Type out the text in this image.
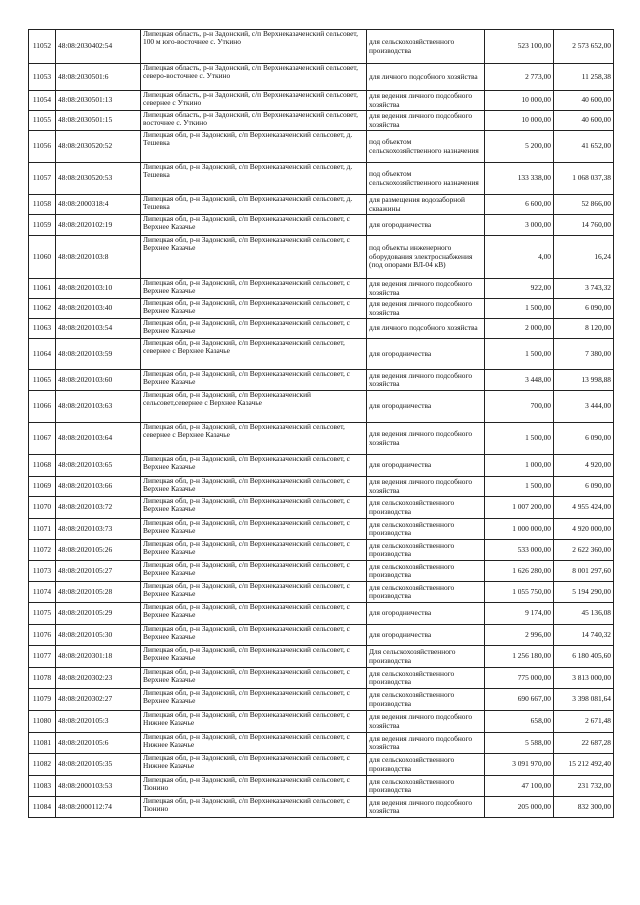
11052	48:08:2030402:54	Липецкая область, р-н Задонский, с/п Верхнеказаченский сельсовет, 100 м юго-восточнее с. Уткино	для сельскохозяйственного производства	523 100,00	2 573 652,00
11053	48:08:2030501:6	Липецкая область, р-н Задонский, с/п Верхнеказаченский сельсовет, северо-восточнее с. Уткино	для личного подсобного хозяйства	2 773,00	11 258,38
11054	48:08:2030501:13	Липецкая область, р-н Задонский, с/п Верхнеказаченский сельсовет, севернее с Уткино	для ведения личного подсобного хозяйства	10 000,00	40 600,00
11055	48:08:2030501:15	Липецкая область, р-н Задонский, с/п Верхнеказаченский сельсовет, восточнее с. Уткино	для ведения личного подсобного хозяйства	10 000,00	40 600,00
11056	48:08:2030520:52	Липецкая обл, р-н Задонский, с/п Верхнеказаченский сельсовет, д. Тешевка	под объектом сельскохозяйственного назначения	5 200,00	41 652,00
11057	48:08:2030520:53	Липецкая обл, р-н Задонский, с/п Верхнеказаченский сельсовет, д. Тешевка	под объектом сельскохозяйственного назначения	133 338,00	1 068 037,38
11058	48:08:2000318:4	Липецкая обл, р-н Задонский, с/п Верхнеказаченский сельсовет, д. Тешевка	для размещения водозаборной скважины	6 600,00	52 866,00
11059	48:08:2020102:19	Липецкая обл, р-н Задонский, с/п Верхнеказаченский сельсовет, с Верхнее Казачье	для огородничества	3 000,00	14 760,00
11060	48:08:2020103:8	Липецкая обл, р-н Задонский, с/п Верхнеказаченский сельсовет, с Верхнее Казачье	под объекты инженерного оборудования электроснабжения (под опорами ВЛ-04 кВ)	4,00	16,24
11061	48:08:2020103:10	Липецкая обл, р-н Задонский, с/п Верхнеказаченский сельсовет, с Верхнее Казачье	для ведения личного подсобного хозяйства	922,00	3 743,32
11062	48:08:2020103:40	Липецкая обл, р-н Задонский, с/п Верхнеказаченский сельсовет, с Верхнее Казачье	для ведения личного подсобного хозяйства	1 500,00	6 090,00
11063	48:08:2020103:54	Липецкая обл, р-н Задонский, с/п Верхнеказаченский сельсовет, с Верхнее Казачье	для личного подсобного хозяйства	2 000,00	8 120,00
11064	48:08:2020103:59	Липецкая обл, р-н Задонский, с/п Верхнеказаченский сельсовет, севернее с Верхнее Казачье	для огородничества	1 500,00	7 380,00
11065	48:08:2020103:60	Липецкая обл, р-н Задонский, с/п Верхнеказаченский сельсовет, с Верхнее Казачье	для ведения личного подсобного хозяйства	3 448,00	13 998,88
11066	48:08:2020103:63	Липецкая обл, р-н Задонский, с/п Верхнеказаченский сельсовет,севернее с Верхнее Казачье	для огородничества	700,00	3 444,00
11067	48:08:2020103:64	Липецкая обл, р-н Задонский, с/п Верхнеказаченский сельсовет, севернее с Верхнее Казачье	для ведения личного подсобного хозяйства	1 500,00	6 090,00
11068	48:08:2020103:65	Липецкая обл, р-н Задонский, с/п Верхнеказаченский сельсовет, с Верхнее Казачье	для огородничества	1 000,00	4 920,00
11069	48:08:2020103:66	Липецкая обл, р-н Задонский, с/п Верхнеказаченский сельсовет, с Верхнее Казачье	для ведения личного подсобного хозяйства	1 500,00	6 090,00
11070	48:08:2020103:72	Липецкая обл, р-н Задонский, с/п Верхнеказаченский сельсовет, с Верхнее Казачье	для сельскохозяйственного производства	1 007 200,00	4 955 424,00
11071	48:08:2020103:73	Липецкая обл, р-н Задонский, с/п Верхнеказаченский сельсовет, с Верхнее Казачье	для сельскохозяйственного производства	1 000 000,00	4 920 000,00
11072	48:08:2020105:26	Липецкая обл, р-н Задонский, с/п Верхнеказаченский сельсовет, с Верхнее Казачье	для сельскохозяйственного производства	533 000,00	2 622 360,00
11073	48:08:2020105:27	Липецкая обл, р-н Задонский, с/п Верхнеказаченский сельсовет, с Верхнее Казачье	для сельскохозяйственного производства	1 626 280,00	8 001 297,60
11074	48:08:2020105:28	Липецкая обл, р-н Задонский, с/п Верхнеказаченский сельсовет, с Верхнее Казачье	для сельскохозяйственного производства	1 055 750,00	5 194 290,00
11075	48:08:2020105:29	Липецкая обл, р-н Задонский, с/п Верхнеказаченский сельсовет, с Верхнее Казачье	для огородничества	9 174,00	45 136,08
11076	48:08:2020105:30	Липецкая обл, р-н Задонский, с/п Верхнеказаченский сельсовет, с Верхнее Казачье	для огородничества	2 996,00	14 740,32
11077	48:08:2020301:18	Липецкая обл, р-н Задонский, с/п Верхнеказаченский сельсовет, с Верхнее Казачье	Для сельскохозяйственного производства	1 256 180,00	6 180 405,60
11078	48:08:2020302:23	Липецкая обл, р-н Задонский, с/п Верхнеказаченский сельсовет, с Верхнее Казачье	для сельскохозяйственного производства	775 000,00	3 813 000,00
11079	48:08:2020302:27	Липецкая обл, р-н Задонский, с/п Верхнеказаченский сельсовет, с Верхнее Казачье	для сельскохозяйственного производства	690 667,00	3 398 081,64
11080	48:08:2020105:3	Липецкая обл, р-н Задонский, с/п Верхнеказаченский сельсовет, с Нижнее Казачье	для ведения личного подсобного хозяйства	658,00	2 671,48
11081	48:08:2020105:6	Липецкая обл, р-н Задонский, с/п Верхнеказаченский сельсовет, с Нижнее Казачье	для ведения личного подсобного хозяйства	5 588,00	22 687,28
11082	48:08:2020105:35	Липецкая обл, р-н Задонский, с/п Верхнеказаченский сельсовет, с Нижнее Казачье	для сельскохозяйственного производства	3 091 970,00	15 212 492,40
11083	48:08:2000103:53	Липецкая обл, р-н Задонский, с/п Верхнеказаченский сельсовет, с Тюнино	для сельскохозяйственного производства	47 100,00	231 732,00
11084	48:08:2000112:74	Липецкая обл, р-н Задонский, с/п Верхнеказаченский сельсовет, с Тюнино	для ведения личного подсобного хозяйства	205 000,00	832 300,00
